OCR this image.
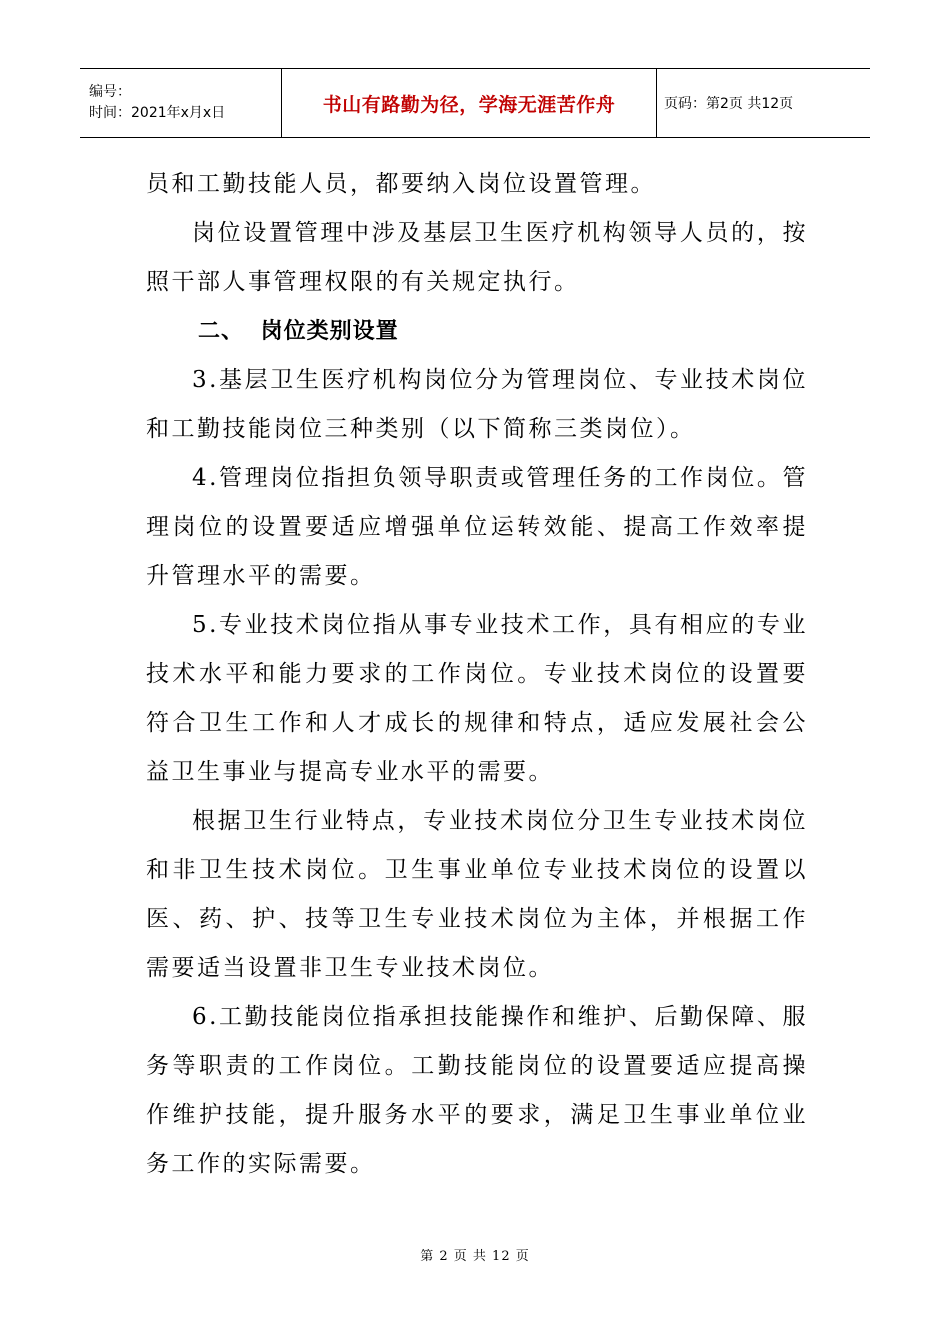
编号：
时间：2021年x月x日	书山有路勤为径，学海无涯苦作舟	页码：第2页 共12页

员和工勤技能人员，都要纳入岗位设置管理。

岗位设置管理中涉及基层卫生医疗机构领导人员的，按照干部人事管理权限的有关规定执行。

二、 岗位类别设置

3.基层卫生医疗机构岗位分为管理岗位、专业技术岗位和工勤技能岗位三种类别（以下简称三类岗位）。

4.管理岗位指担负领导职责或管理任务的工作岗位。管理岗位的设置要适应增强单位运转效能、提高工作效率提升管理水平的需要。

5.专业技术岗位指从事专业技术工作，具有相应的专业技术水平和能力要求的工作岗位。专业技术岗位的设置要符合卫生工作和人才成长的规律和特点，适应发展社会公益卫生事业与提高专业水平的需要。

根据卫生行业特点，专业技术岗位分卫生专业技术岗位和非卫生技术岗位。卫生事业单位专业技术岗位的设置以医、药、护、技等卫生专业技术岗位为主体，并根据工作需要适当设置非卫生专业技术岗位。

6.工勤技能岗位指承担技能操作和维护、后勤保障、服务等职责的工作岗位。工勤技能岗位的设置要适应提高操作维护技能，提升服务水平的要求，满足卫生事业单位业务工作的实际需要。

第 2 页 共 12 页
